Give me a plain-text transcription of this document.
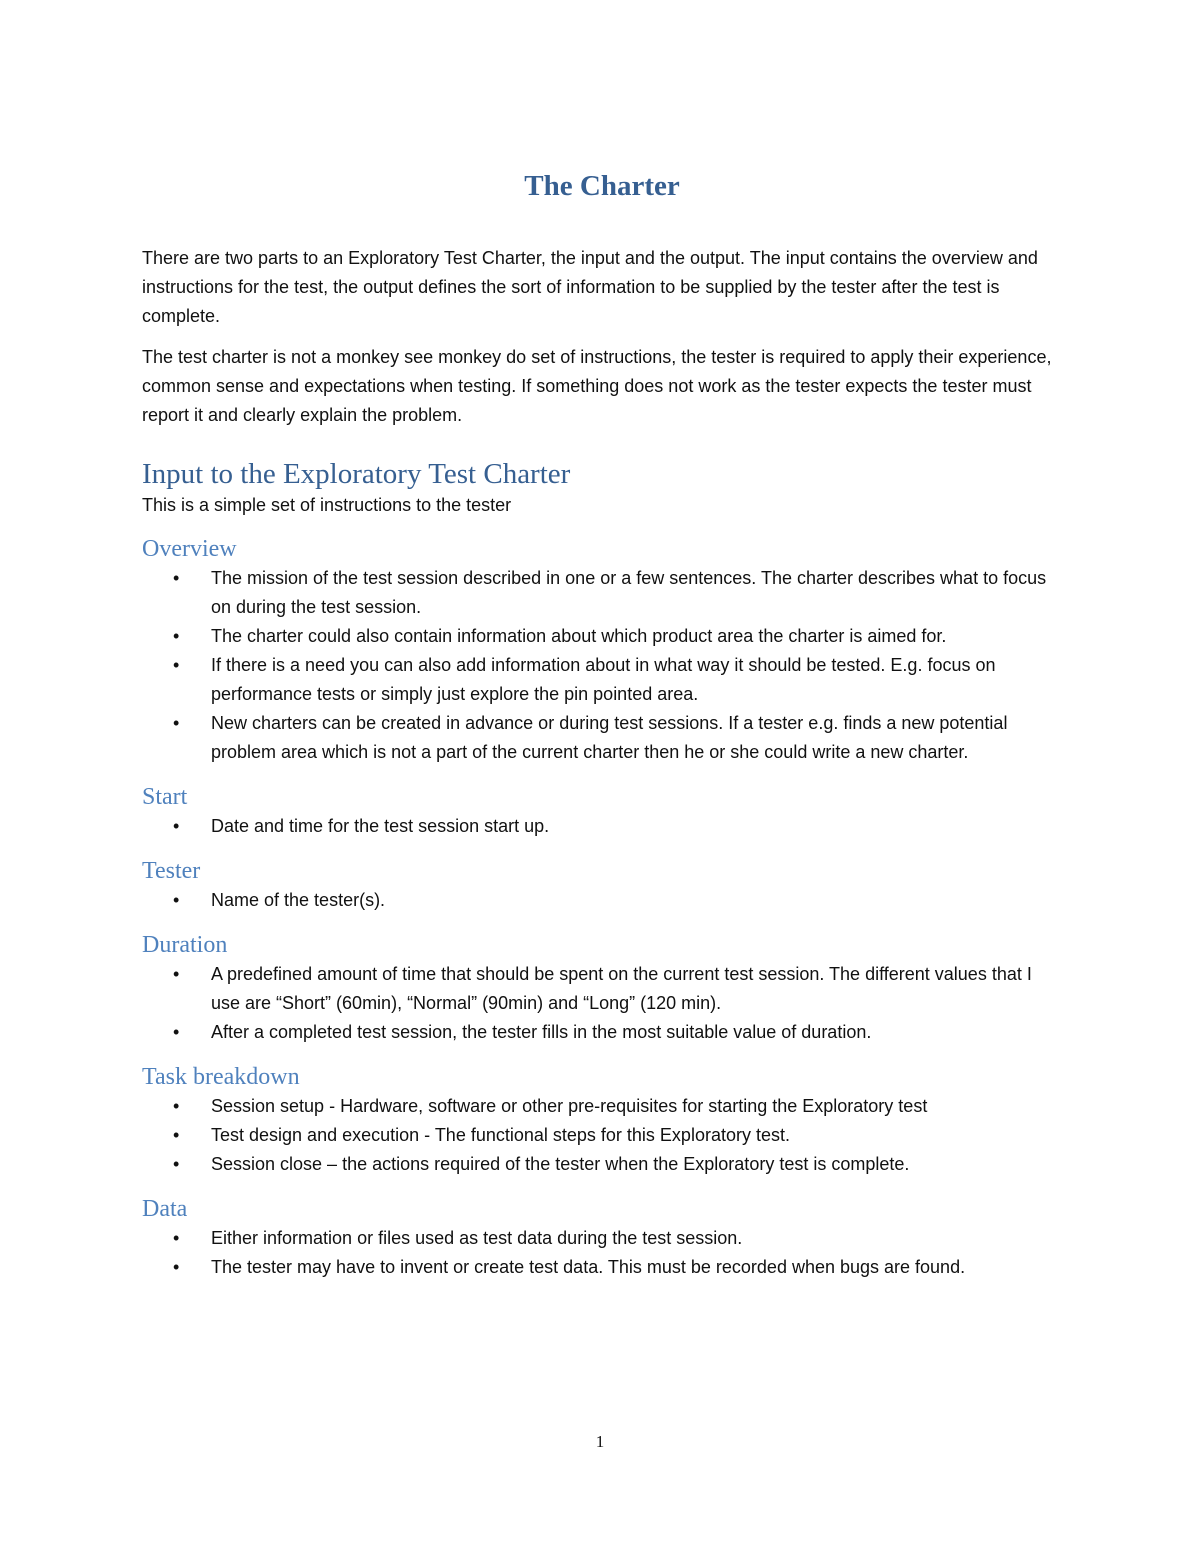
The Charter

There are two parts to an Exploratory Test Charter, the input and the output. The input contains the overview and instructions for the test, the output defines the sort of information to be supplied by the tester after the test is complete.

The test charter is not a monkey see monkey do set of instructions, the tester is required to apply their experience, common sense and expectations when testing. If something does not work as the tester expects the tester must report it and clearly explain the problem.

Input to the Exploratory Test Charter

This is a simple set of instructions to the tester

Overview
• The mission of the test session described in one or a few sentences. The charter describes what to focus on during the test session.
• The charter could also contain information about which product area the charter is aimed for.
• If there is a need you can also add information about in what way it should be tested. E.g. focus on performance tests or simply just explore the pin pointed area.
• New charters can be created in advance or during test sessions. If a tester e.g. finds a new potential problem area which is not a part of the current charter then he or she could write a new charter.
Start
• Date and time for the test session start up.
Tester
• Name of the tester(s).
Duration
• A predefined amount of time that should be spent on the current test session. The different values that I use are “Short” (60min), “Normal” (90min) and “Long” (120 min).
• After a completed test session, the tester fills in the most suitable value of duration.
Task breakdown
• Session setup - Hardware, software or other pre-requisites for starting the Exploratory test
• Test design and execution - The functional steps for this Exploratory test.
• Session close – the actions required of the tester when the Exploratory test is complete.
Data
• Either information or files used as test data during the test session.
• The tester may have to invent or create test data. This must be recorded when bugs are found.
1
